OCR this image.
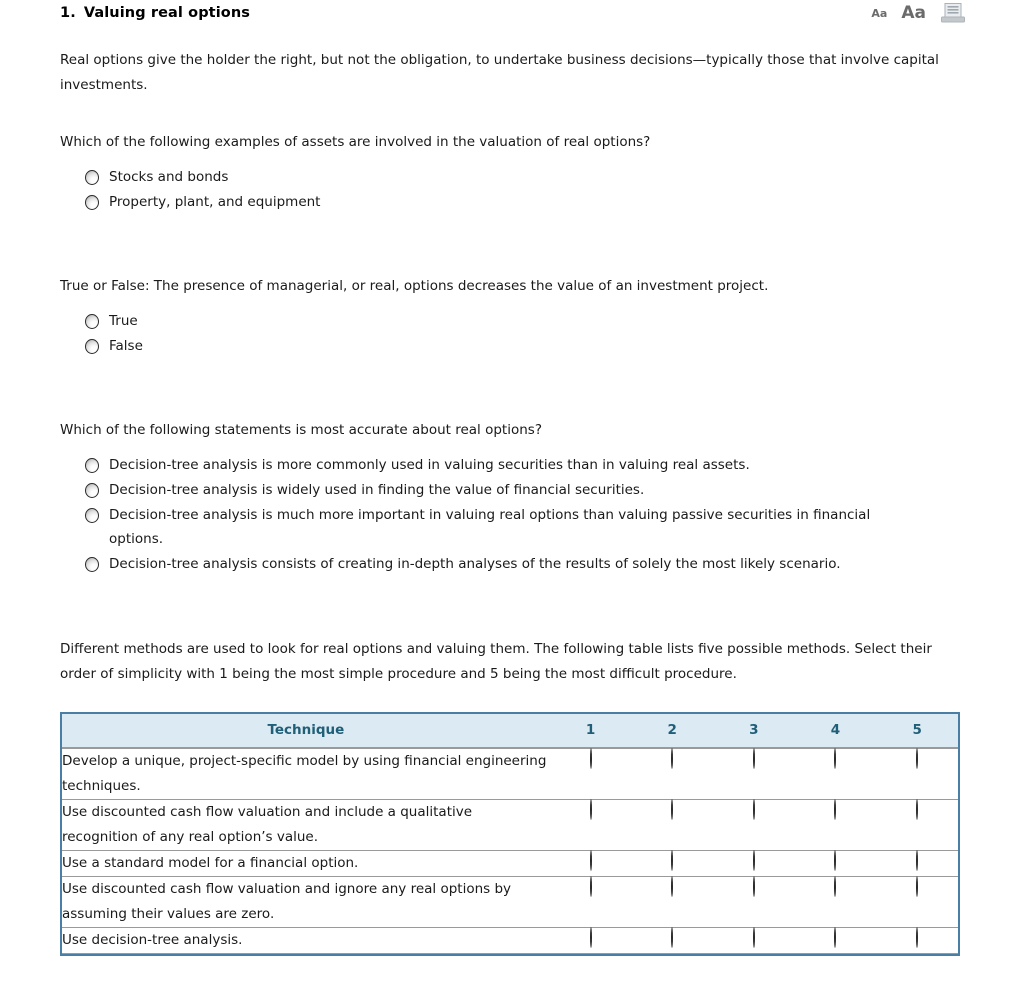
1. Valuing real options	Aa Aa
Real options give the holder the right, but not the obligation, to undertake business decisions—typically those that involve capital investments.
Which of the following examples of assets are involved in the valuation of real options?
Stocks and bonds
Property, plant, and equipment
True or False: The presence of managerial, or real, options decreases the value of an investment project.
True
False
Which of the following statements is most accurate about real options?
Decision-tree analysis is more commonly used in valuing securities than in valuing real assets.
Decision-tree analysis is widely used in finding the value of financial securities.
Decision-tree analysis is much more important in valuing real options than valuing passive securities in financial options.
Decision-tree analysis consists of creating in-depth analyses of the results of solely the most likely scenario.
Different methods are used to look for real options and valuing them. The following table lists five possible methods. Select their order of simplicity with 1 being the most simple procedure and 5 being the most difficult procedure.
Technique	1	2	3	4	5
Develop a unique, project-specific model by using financial engineering techniques.					
Use discounted cash flow valuation and include a qualitative recognition of any real option’s value.					
Use a standard model for a financial option.					
Use discounted cash flow valuation and ignore any real options by assuming their values are zero.					
Use decision-tree analysis.					
